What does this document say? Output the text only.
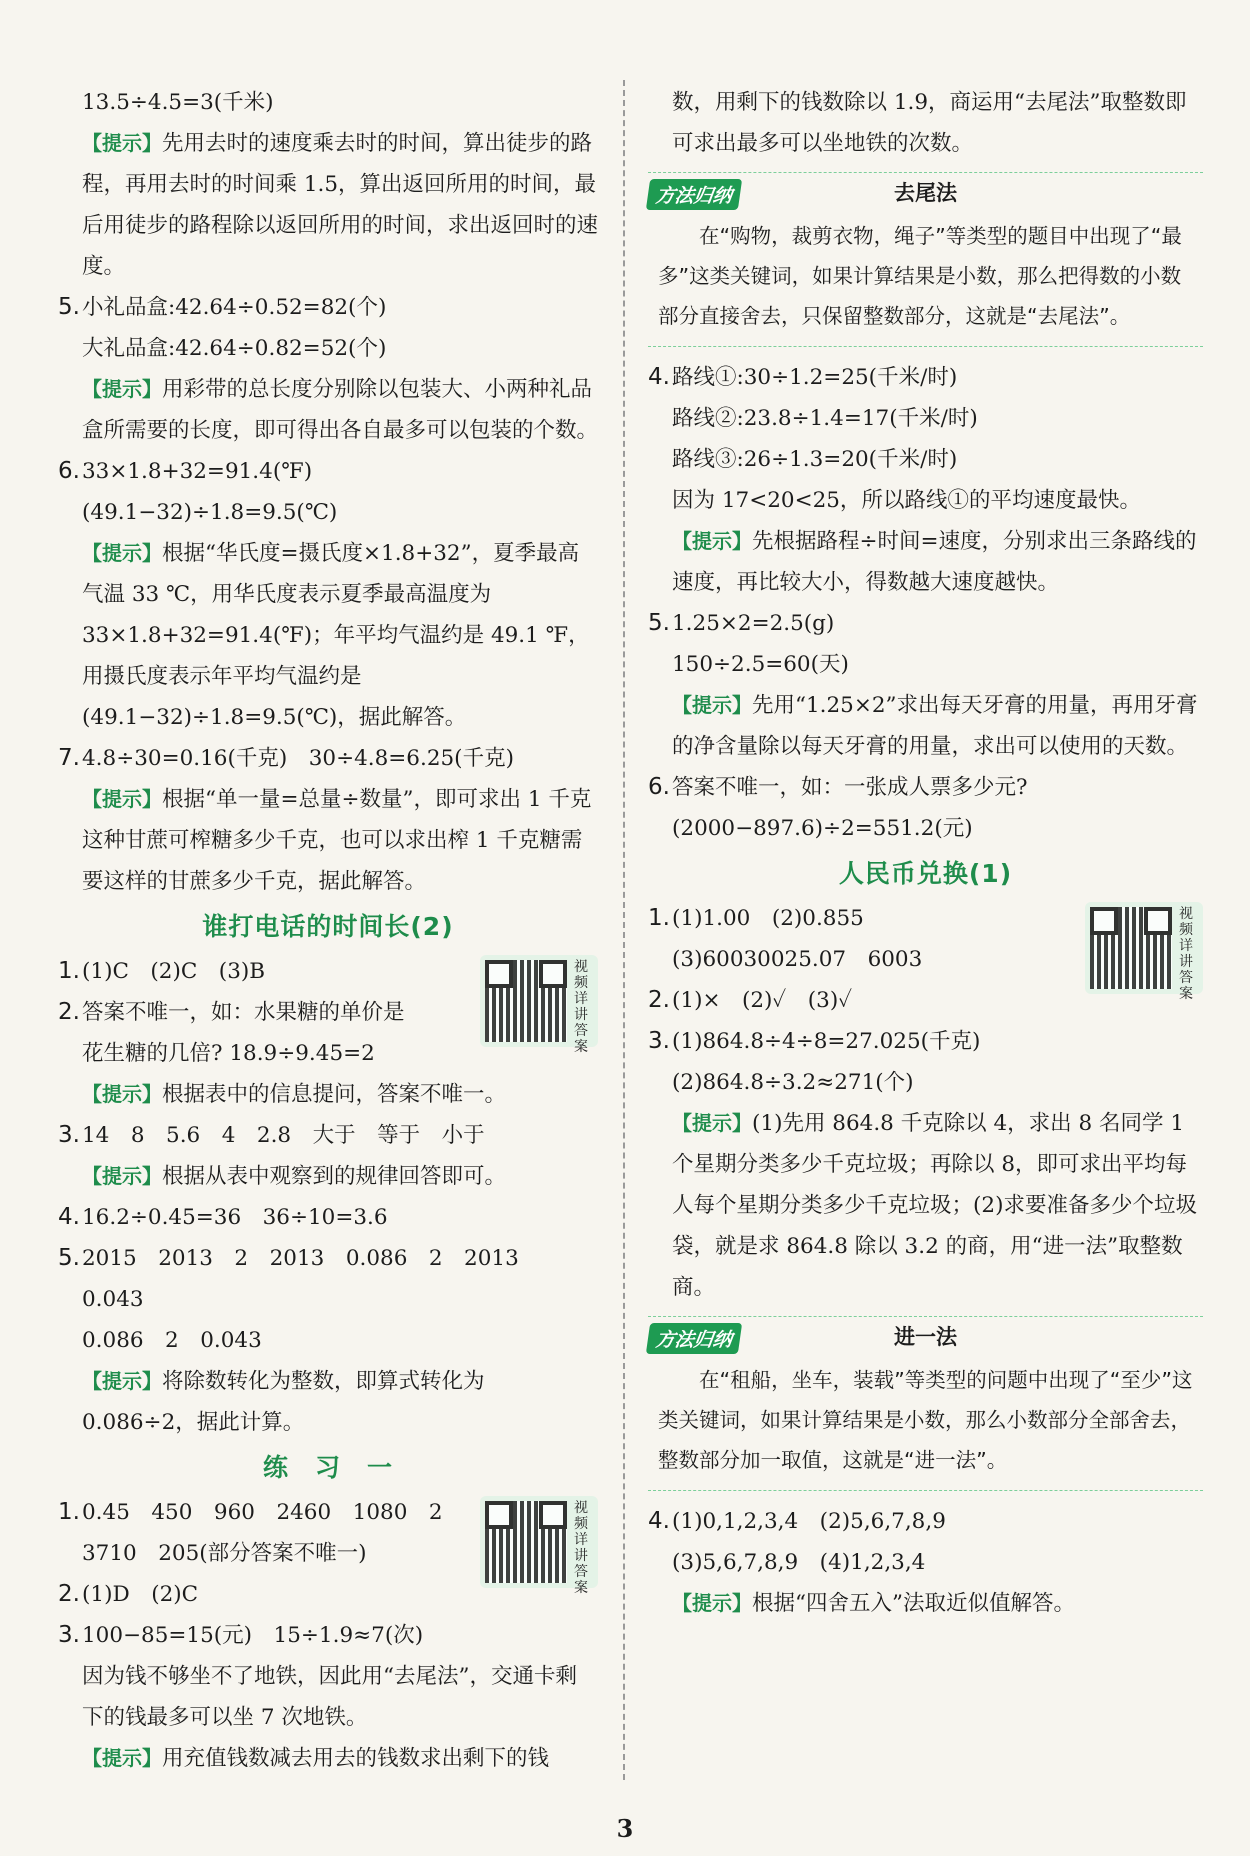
13.5÷4.5=3(千米)

【提示】先用去时的速度乘去时的时间，算出徒步的路程，再用去时的时间乘 1.5，算出返回所用的时间，最后用徒步的路程除以返回所用的时间，求出返回时的速度。

5. 小礼品盒:42.64÷0.52=82(个)

大礼品盒:42.64÷0.82=52(个)

【提示】用彩带的总长度分别除以包装大、小两种礼品盒所需要的长度，即可得出各自最多可以包装的个数。

6. 33×1.8+32=91.4(℉)

(49.1−32)÷1.8=9.5(℃)

【提示】根据“华氏度=摄氏度×1.8+32”，夏季最高气温 33 ℃，用华氏度表示夏季最高温度为 33×1.8+32=91.4(℉)；年平均气温约是 49.1 ℉，用摄氏度表示年平均气温约是(49.1−32)÷1.8=9.5(℃)，据此解答。

7. 4.8÷30=0.16(千克)　30÷4.8=6.25(千克)

【提示】根据“单一量=总量÷数量”，即可求出 1 千克这种甘蔗可榨糖多少千克，也可以求出榨 1 千克糖需要这样的甘蔗多少千克，据此解答。

谁打电话的时间长(2)
视频详讲答案

1. (1)C　(2)C　(3)B

2. 答案不唯一，如：水果糖的单价是

花生糖的几倍? 18.9÷9.45=2

【提示】根据表中的信息提问，答案不唯一。

3. 14　8　5.6　4　2.8　大于　等于　小于

【提示】根据从表中观察到的规律回答即可。

4. 16.2÷0.45=36　36÷10=3.6

5. 2015　2013　2　2013　0.086　2　2013　0.043

0.086　2　0.043

【提示】将除数转化为整数，即算式转化为 0.086÷2，据此计算。

练　习　一
视频详讲答案

1. 0.45　450　960　2460　1080　2

3710　205(部分答案不唯一)

2. (1)D　(2)C

3. 100−85=15(元)　15÷1.9≈7(次)

因为钱不够坐不了地铁，因此用“去尾法”，交通卡剩下的钱最多可以坐 7 次地铁。

【提示】用充值钱数减去用去的钱数求出剩下的钱

数，用剩下的钱数除以 1.9，商运用“去尾法”取整数即可求出最多可以坐地铁的次数。

方法归纳	去尾法
在“购物，裁剪衣物，绳子”等类型的题目中出现了“最多”这类关键词，如果计算结果是小数，那么把得数的小数部分直接舍去，只保留整数部分，这就是“去尾法”。

4. 路线①:30÷1.2=25(千米/时)

路线②:23.8÷1.4=17(千米/时)

路线③:26÷1.3=20(千米/时)

因为 17<20<25，所以路线①的平均速度最快。

【提示】先根据路程÷时间=速度，分别求出三条路线的速度，再比较大小，得数越大速度越快。

5. 1.25×2=2.5(g)

150÷2.5=60(天)

【提示】先用“1.25×2”求出每天牙膏的用量，再用牙膏的净含量除以每天牙膏的用量，求出可以使用的天数。

6. 答案不唯一，如：一张成人票多少元?

(2000−897.6)÷2=551.2(元)

人民币兑换(1)
视频详讲答案

1. (1)1.00　(2)0.855

(3)60030025.07　6003

2. (1)×　(2)✓　(3)✓

3. (1)864.8÷4÷8=27.025(千克)

(2)864.8÷3.2≈271(个)

【提示】(1)先用 864.8 千克除以 4，求出 8 名同学 1 个星期分类多少千克垃圾；再除以 8，即可求出平均每人每个星期分类多少千克垃圾；(2)求要准备多少个垃圾袋，就是求 864.8 除以 3.2 的商，用“进一法”取整数商。

方法归纳	进一法
在“租船，坐车，装载”等类型的问题中出现了“至少”这类关键词，如果计算结果是小数，那么小数部分全部舍去，整数部分加一取值，这就是“进一法”。

4. (1)0,1,2,3,4　(2)5,6,7,8,9

(3)5,6,7,8,9　(4)1,2,3,4

【提示】根据“四舍五入”法取近似值解答。

3
